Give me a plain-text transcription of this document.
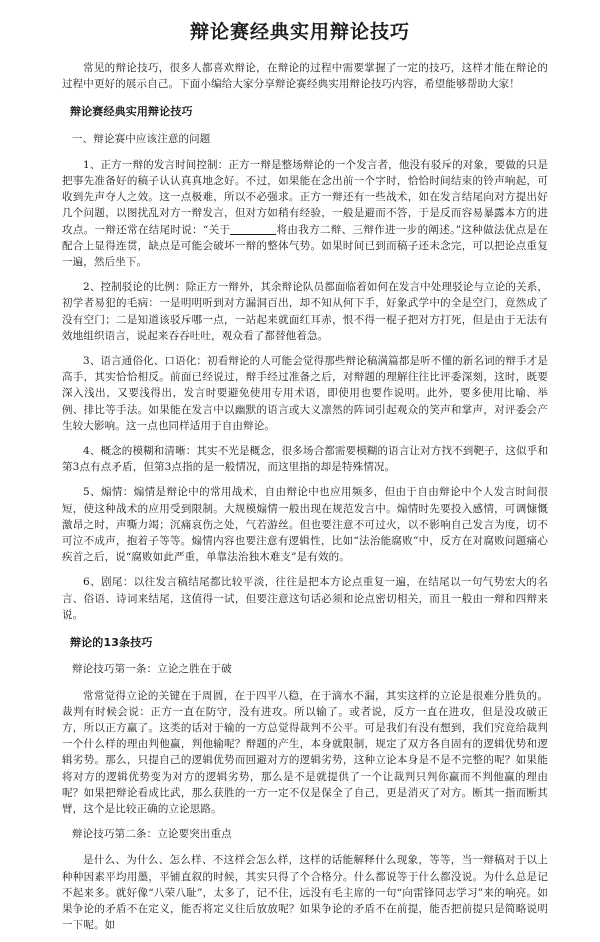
辩论赛经典实用辩论技巧

常见的辩论技巧，很多人都喜欢辩论，在辩论的过程中需要掌握了一定的技巧，这样才能在辩论的过程中更好的展示自己。下面小编给大家分享辩论赛经典实用辩论技巧内容，希望能够帮助大家！

辩论赛经典实用辩论技巧
一、辩论赛中应该注意的问题

1、正方一辩的发言时间控制：正方一辩是整场辩论的一个发言者，他没有驳斥的对象，要做的只是把事先准备好的稿子认认真真地念好。不过，如果能在念出前一个字时，恰恰时间结束的铃声响起，可收到先声夺人之效。这一点极难，所以不必强求。正方一辩还有一些战术，如在发言结尾向对方提出好几个问题，以图扰乱对方一辩发言，但对方如稍有经验，一般是避而不答，于是反而容易暴露本方的进攻点。一辩还常在结尾时说：“关于	将由我方二辩、三辩作进一步的阐述。”这种做法优点是在配合上显得连贯，缺点是可能会破坏一辩的整体气势。如果时间已到而稿子还未念完，可以把论点重复一遍，然后坐下。

2、控制驳论的比例：除正方一辩外，其余辩论队员都面临着如何在发言中处理驳论与立论的关系，初学者易犯的毛病：一是明明听到对方漏洞百出，却不知从何下手，好象武学中的全是空门，竟然成了没有空门；二是知道该驳斥哪一点，一站起来就面红耳赤，恨不得一棍子把对方打死，但是由于无法有效地组织语言，说起来吞吞吐吐，观众看了都替他着急。

3、语言通俗化、口语化：初看辩论的人可能会觉得那些辩论稿满篇都是听不懂的新名词的辩手才是高手，其实恰恰相反。前面已经说过，辩手经过准备之后，对辩题的理解往往比评委深刻，这时，既要深入浅出，又要浅得出，发言时要避免使用专用术语，即使用也要作说明。此外，要多使用比喻、举例、排比等手法。如果能在发言中以幽默的语言或大义凛然的阵词引起观众的笑声和掌声，对评委会产生较大影响。这一点也同样适用于自由辩论。

4、概念的模糊和清晰：其实不光是概念，很多场合都需要模糊的语言让对方找不到靶子，这似乎和第3点有点矛盾，但第3点指的是一般情况，而这里指的却是特殊情况。

5、煽情：煽情是辩论中的常用战术，自由辩论中也应用频多，但由于自由辩论中个人发言时间很短，使这种战术的应用受到限制。大规模煽情一般出现在规范发言中。煽情时先要投入感情，可调慷慨激昂之时，声嘶力竭；沉痛哀伤之处，气若游丝。但也要注意不可过火，以不影响自己发言为度，切不可泣不成声，抱着子等等。煽情内容也要注意有逻辑性，比如“法治能腐败”中，反方在对腐败问题痛心疾首之后，说“腐败如此严重，单靠法治独木难支”是有效的。

6、剧尾：以往发言稿结尾都比较平淡，往往是把本方论点重复一遍，在结尾以一句气势宏大的名言、俗语、诗词来结尾，这值得一试，但要注意这句话必须和论点密切相关，而且一般由一辩和四辩来说。

辩论的13条技巧
辩论技巧第一条：立论之胜在于破

常常觉得立论的关键在于周圆，在于四平八稳，在于滴水不漏，其实这样的立论是很难分胜负的。裁判有时候会说：正方一直在防守，没有进攻。所以输了。或者说，反方一直在进攻，但是没攻破正方，所以正方赢了。这类的话对于输的一方总觉得裁判不公平。可是我们有没有想到，我们究竟给裁判一个什么样的理由判他赢，判他输呢？辩题的产生，本身就限制，规定了双方各自固有的逻辑优势和逻辑劣势。那么，只提自己的逻辑优势而回避对方的逻辑劣势，这种立论本身是不是不完整的呢？如果能将对方的逻辑优势变为对方的逻辑劣势，那么是不是就提供了一个让裁判只判你赢而不判他赢的理由呢？如果把辩论看成比武，那么获胜的一方一定不仅是保全了自己，更是消灭了对方。断其一指而断其臂，这个是比较正确的立论思路。

辩论技巧第二条：立论要突出重点

是什么、为什么、怎么样、不这样会怎么样，这样的话能解释什么现象，等等，当一辩稿对于以上种种因素平均用墨，平铺直叙的时候，其实只得了个合格分。什么都说等于什么都没说。为什么总是记不起来多。就好像“八荣八耻”，太多了，记不住，远没有毛主席的一句“向雷锋同志学习”来的响亮。如果争论的矛盾不在定义，能否将定义往后放放呢？如果争论的矛盾不在前提，能否把前提只是简略说明一下呢。如
